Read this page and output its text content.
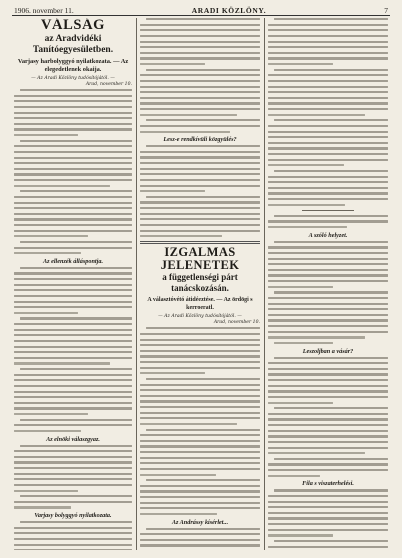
1906. november 11.	ARADI KÖZLÖNY.	7
VÁLSÁG
az Aradvidéki Tanítóegyesületben.
Varjasy harbolyggyó nyilatkozata. — Az elegedetlenek okaija.
— Az Aradi Közlöny tudósítójától. —
Arad, november 10.
Az ellenzék álláspontja.
Az elnöki válaszgyaz.
Varjasy bolyggyó nyilatkozata.
Lesz-e rendkívüli közgyülés?
IZGALMAS JELENETEK
a függetlenségi párt tanácskozásán.
A választóvétó átidéeztése. — Az ördögi s kerroeratl.
— Az Aradi Közlöny tudósítójától. —
Arad, november 10.
Az Andrássy kísérlet...
A szóló helyzet.
Leszoljban a vásár?
Fila s viszaterhelési.
